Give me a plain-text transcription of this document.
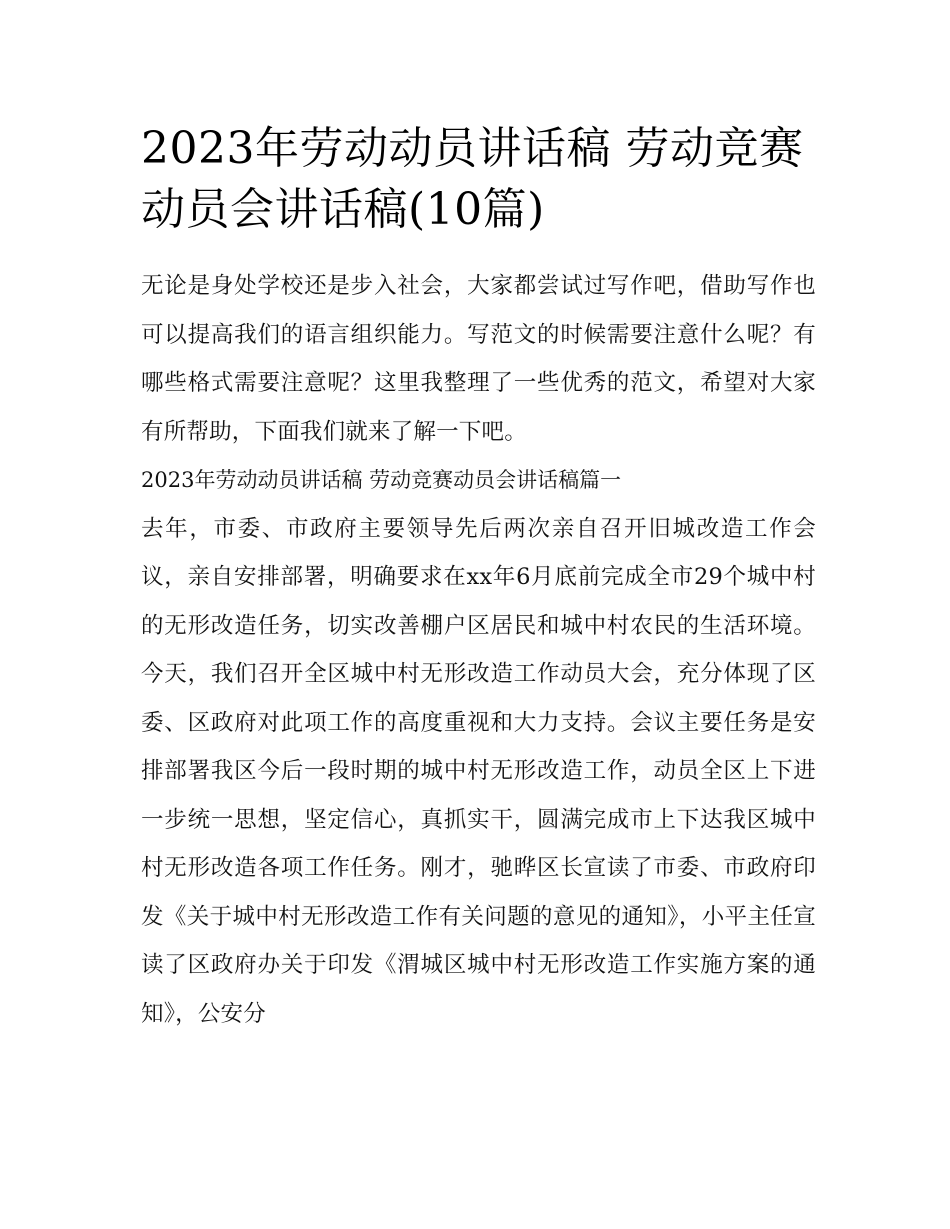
2023年劳动动员讲话稿 劳动竞赛动员会讲话稿(10篇)

无论是身处学校还是步入社会，大家都尝试过写作吧，借助写作也可以提高我们的语言组织能力。写范文的时候需要注意什么呢？有哪些格式需要注意呢？这里我整理了一些优秀的范文，希望对大家有所帮助，下面我们就来了解一下吧。

2023年劳动动员讲话稿 劳动竞赛动员会讲话稿篇一

去年，市委、市政府主要领导先后两次亲自召开旧城改造工作会议，亲自安排部署，明确要求在xx年6月底前完成全市29个城中村的无形改造任务，切实改善棚户区居民和城中村农民的生活环境。今天，我们召开全区城中村无形改造工作动员大会，充分体现了区委、区政府对此项工作的高度重视和大力支持。会议主要任务是安排部署我区今后一段时期的城中村无形改造工作，动员全区上下进一步统一思想，坚定信心，真抓实干，圆满完成市上下达我区城中村无形改造各项工作任务。刚才，驰晔区长宣读了市委、市政府印发《关于城中村无形改造工作有关问题的意见的通知》，小平主任宣读了区政府办关于印发《渭城区城中村无形改造工作实施方案的通知》，公安分
